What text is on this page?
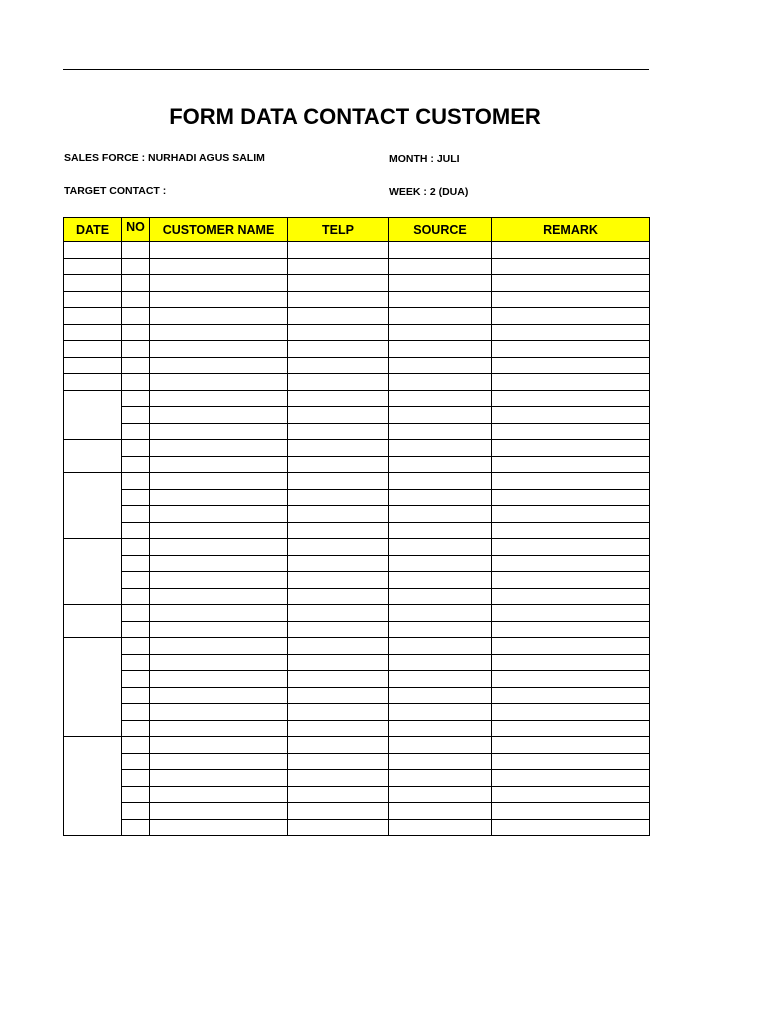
FORM DATA CONTACT CUSTOMER
SALES FORCE : NURHADI AGUS SALIM
TARGET CONTACT :
MONTH : JULI
WEEK : 2 (DUA)
DATE	NO	CUSTOMER NAME	TELP	SOURCE	REMARK
